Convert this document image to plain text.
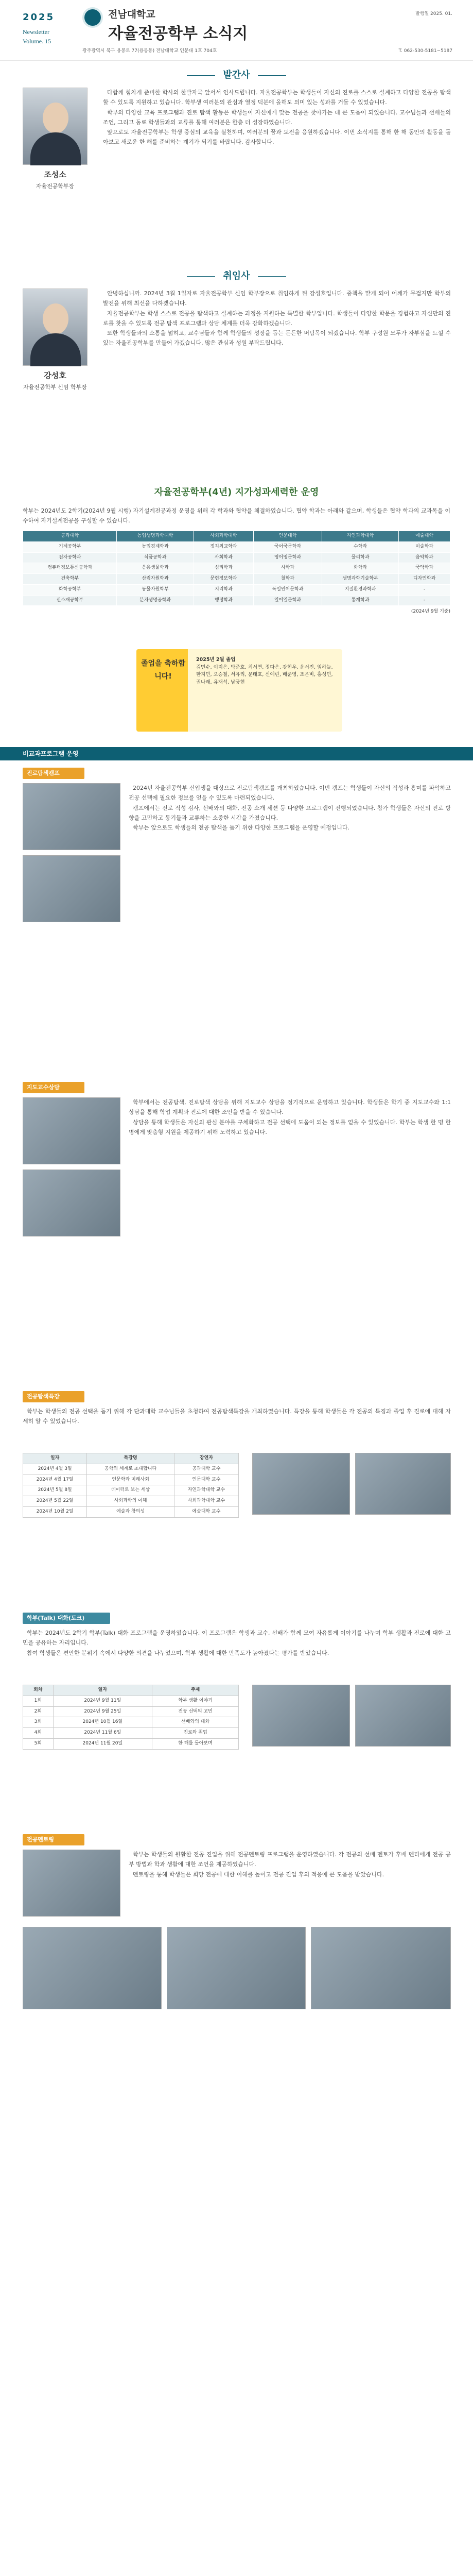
2025
Newsletter
Volume. 15
전남대학교
자율전공학부 소식지
광주광역시 북구 용봉로 77(용봉동) 전남대학교 인문대 1호 704호	T. 062-530-5181~5187
발행일 2025. 01.
발간사
조성소
자율전공학부장

다함께 힘차게 준비한 학사의 한발자국 앞서서 인사드립니다. 자율전공학부는 학생들이 자신의 진로를 스스로 설계하고 다양한 전공을 탐색할 수 있도록 지원하고 있습니다. 학부생 여러분의 관심과 열정 덕분에 올해도 의미 있는 성과를 거둘 수 있었습니다.

학부의 다양한 교육 프로그램과 진로 탐색 활동은 학생들이 자신에게 맞는 전공을 찾아가는 데 큰 도움이 되었습니다. 교수님들과 선배들의 조언, 그리고 동료 학생들과의 교류를 통해 여러분은 한층 더 성장하였습니다.

앞으로도 자율전공학부는 학생 중심의 교육을 실천하며, 여러분의 꿈과 도전을 응원하겠습니다. 이번 소식지를 통해 한 해 동안의 활동을 돌아보고 새로운 한 해를 준비하는 계기가 되기를 바랍니다. 감사합니다.

취임사
강성호
자율전공학부 신임 학부장

안녕하십니까. 2024년 3월 1일자로 자율전공학부 신임 학부장으로 취임하게 된 강성호입니다. 중책을 맡게 되어 어깨가 무겁지만 학부의 발전을 위해 최선을 다하겠습니다.

자율전공학부는 학생 스스로 전공을 탐색하고 설계하는 과정을 지원하는 특별한 학부입니다. 학생들이 다양한 학문을 경험하고 자신만의 진로를 찾을 수 있도록 전공 탐색 프로그램과 상담 체계를 더욱 강화하겠습니다.

또한 학생들과의 소통을 넓히고, 교수님들과 함께 학생들의 성장을 돕는 든든한 버팀목이 되겠습니다. 학부 구성원 모두가 자부심을 느낄 수 있는 자율전공학부를 만들어 가겠습니다. 많은 관심과 성원 부탁드립니다.

자율전공학부(4년) 지가성과세력한 운영
학부는 2024년도 2학기(2024년 9월 시행) 자기설계전공과정 운영을 위해 각 학과와 협약을 체결하였습니다. 협약 학과는 아래와 같으며, 학생들은 협약 학과의 교과목을 이수하여 자기설계전공을 구성할 수 있습니다.
공과대학	농업생명과학대학	사회과학대학	인문대학	자연과학대학	예술대학
기계공학부	농업경제학과	정치외교학과	국어국문학과	수학과	미술학과
전자공학과	식품공학과	사회학과	영어영문학과	물리학과	음악학과
컴퓨터정보통신공학과	응용생물학과	심리학과	사학과	화학과	국악학과
건축학부	산림자원학과	문헌정보학과	철학과	생명과학기술학부	디자인학과
화학공학부	동물자원학부	지리학과	독일언어문학과	지질환경과학과	-
신소재공학부	분자생명공학과	행정학과	일어일문학과	통계학과	-
(2024년 9월 기준)
졸업을 축하합니다!
2025년 2월 졸업
김민수, 이지은, 박준호, 최서연, 정다은, 강현우, 윤서진, 임하늘, 한지민, 오승철, 서유리, 문태호, 신예린, 배준영, 조은비, 홍성민, 권나래, 유재석, 남궁현
비교과프로그램 운영
진로탐색캠프

2024년 자율전공학부 신입생을 대상으로 진로탐색캠프를 개최하였습니다. 이번 캠프는 학생들이 자신의 적성과 흥미를 파악하고 전공 선택에 필요한 정보를 얻을 수 있도록 마련되었습니다.

캠프에서는 진로 적성 검사, 선배와의 대화, 전공 소개 세션 등 다양한 프로그램이 진행되었습니다. 참가 학생들은 자신의 진로 방향을 고민하고 동기들과 교류하는 소중한 시간을 가졌습니다.

학부는 앞으로도 학생들의 전공 탐색을 돕기 위한 다양한 프로그램을 운영할 예정입니다.

지도교수상담

학부에서는 전공탐색, 진로탐색 상담을 위해 지도교수 상담을 정기적으로 운영하고 있습니다. 학생들은 학기 중 지도교수와 1:1 상담을 통해 학업 계획과 진로에 대한 조언을 받을 수 있습니다.

상담을 통해 학생들은 자신의 관심 분야를 구체화하고 전공 선택에 도움이 되는 정보를 얻을 수 있었습니다. 학부는 학생 한 명 한 명에게 맞춤형 지원을 제공하기 위해 노력하고 있습니다.

전공탐색특강

학부는 학생들의 전공 선택을 돕기 위해 각 단과대학 교수님들을 초청하여 전공탐색특강을 개최하였습니다. 특강을 통해 학생들은 각 전공의 특징과 졸업 후 진로에 대해 자세히 알 수 있었습니다.

일자	특강명	강연자
2024년 4월 3일	공학의 세계로 초대합니다	공과대학 교수
2024년 4월 17일	인문학과 미래사회	인문대학 교수
2024년 5월 8일	데이터로 보는 세상	자연과학대학 교수
2024년 5월 22일	사회과학의 이해	사회과학대학 교수
2024년 10월 2일	예술과 창의성	예술대학 교수
학부(Talk) 대화(토크)

학부는 2024년도 2학기 학부(Talk) 대화 프로그램을 운영하였습니다. 이 프로그램은 학생과 교수, 선배가 함께 모여 자유롭게 이야기를 나누며 학부 생활과 진로에 대한 고민을 공유하는 자리입니다.

참여 학생들은 편안한 분위기 속에서 다양한 의견을 나누었으며, 학부 생활에 대한 만족도가 높아졌다는 평가를 받았습니다.

회차	일자	주제
1회	2024년 9월 11일	학부 생활 이야기
2회	2024년 9월 25일	전공 선택의 고민
3회	2024년 10월 16일	선배와의 대화
4회	2024년 11월 6일	진로와 취업
5회	2024년 11월 20일	한 해를 돌아보며
전공멘토링

학부는 학생들의 원활한 전공 진입을 위해 전공멘토링 프로그램을 운영하였습니다. 각 전공의 선배 멘토가 후배 멘티에게 전공 공부 방법과 학과 생활에 대한 조언을 제공하였습니다.

멘토링을 통해 학생들은 희망 전공에 대한 이해를 높이고 전공 진입 후의 적응에 큰 도움을 받았습니다.
